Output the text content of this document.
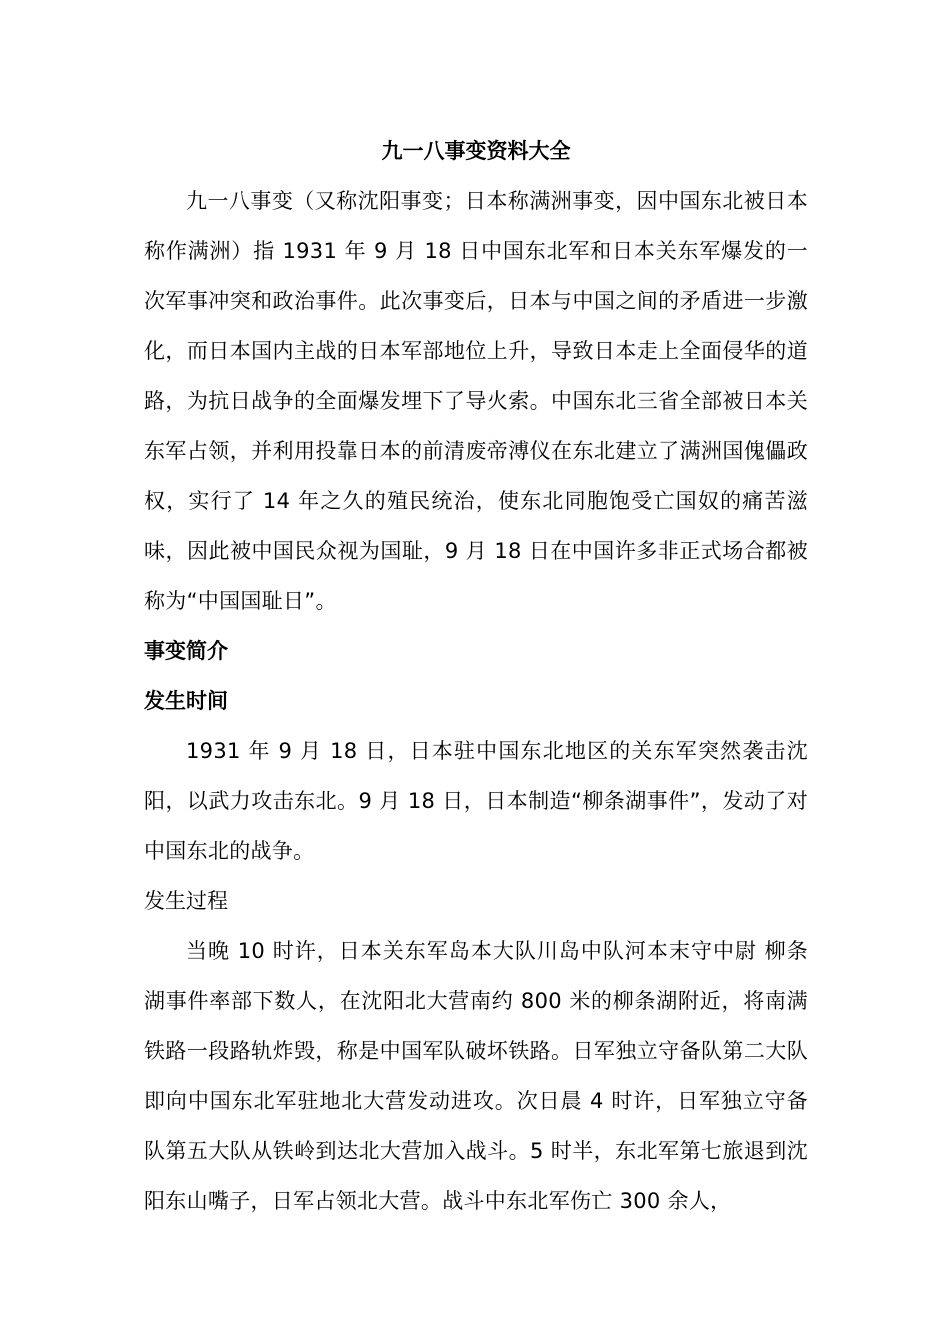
九一八事变资料大全

九一八事变（又称沈阳事变；日本称满洲事变，因中国东北被日本称作满洲）指 1931 年 9 月 18 日中国东北军和日本关东军爆发的一次军事冲突和政治事件。此次事变后，日本与中国之间的矛盾进一步激化，而日本国内主战的日本军部地位上升，导致日本走上全面侵华的道路，为抗日战争的全面爆发埋下了导火索。中国东北三省全部被日本关东军占领，并利用投靠日本的前清废帝溥仪在东北建立了满洲国傀儡政权，实行了 14 年之久的殖民统治，使东北同胞饱受亡国奴的痛苦滋味，因此被中国民众视为国耻，9 月 18 日在中国许多非正式场合都被称为“中国国耻日”。

事变简介
发生时间

1931 年 9 月 18 日，日本驻中国东北地区的关东军突然袭击沈阳，以武力攻击东北。9 月 18 日，日本制造“柳条湖事件”，发动了对中国东北的战争。

发生过程

当晚 10 时许，日本关东军岛本大队川岛中队河本末守中尉 柳条湖事件率部下数人，在沈阳北大营南约 800 米的柳条湖附近，将南满铁路一段路轨炸毁，称是中国军队破坏铁路。日军独立守备队第二大队即向中国东北军驻地北大营发动进攻。次日晨 4 时许，日军独立守备队第五大队从铁岭到达北大营加入战斗。5 时半，东北军第七旅退到沈阳东山嘴子，日军占领北大营。战斗中东北军伤亡 300 余人，
